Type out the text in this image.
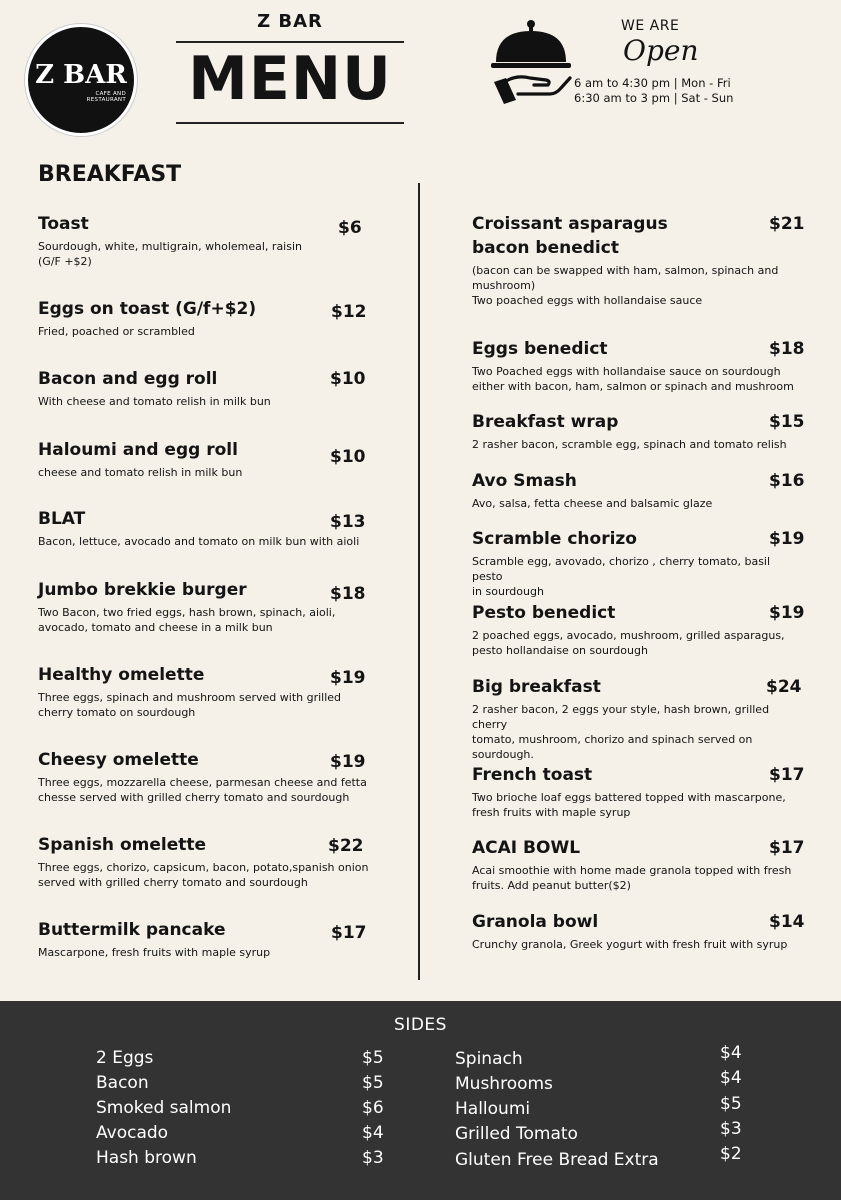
Z BAR
CAFE AND RESTAURANT
Z BAR
MENU
WE ARE
Open
6 am to 4:30 pm | Mon - Fri
6:30 am to 3 pm | Sat - Sun
BREAKFAST
Toast
Sourdough, white, multigrain, wholemeal, raisin
(G/F +$2)
$6
Eggs on toast (G/f+$2)
Fried, poached or scrambled
$12
Bacon and egg roll
With cheese and tomato relish in milk bun
$10
Haloumi and egg roll
cheese and tomato relish in milk bun
$10
BLAT
Bacon, lettuce, avocado and tomato on milk bun with aioli
$13
Jumbo brekkie burger
Two Bacon, two fried eggs, hash brown, spinach, aioli,
avocado, tomato and cheese in a milk bun
$18
Healthy omelette
Three eggs, spinach and mushroom served with grilled
cherry tomato on sourdough
$19
Cheesy omelette
Three eggs, mozzarella cheese, parmesan cheese and fetta
chesse served with grilled cherry tomato and sourdough
$19
Spanish omelette
Three eggs, chorizo, capsicum, bacon, potato,spanish onion
served with grilled cherry tomato and sourdough
$22
Buttermilk pancake
Mascarpone, fresh fruits with maple syrup
$17
Croissant asparagus bacon benedict
(bacon can be swapped with ham, salmon, spinach and
mushroom)
Two poached eggs with hollandaise sauce
$21
Eggs benedict
Two Poached eggs with hollandaise sauce on sourdough
either with bacon, ham, salmon or spinach and mushroom
$18
Breakfast wrap
2 rasher bacon, scramble egg, spinach and tomato relish
$15
Avo Smash
Avo, salsa, fetta cheese and balsamic glaze
$16
Scramble chorizo
Scramble egg, avovado, chorizo , cherry tomato, basil pesto
in sourdough
$19
Pesto benedict
2 poached eggs, avocado, mushroom, grilled asparagus,
pesto hollandaise on sourdough
$19
Big breakfast
2 rasher bacon, 2 eggs your style, hash brown, grilled cherry
tomato, mushroom, chorizo and spinach served on
sourdough.
$24
French toast
Two brioche loaf eggs battered topped with mascarpone,
fresh fruits with maple syrup
$17
ACAI BOWL
Acai smoothie with home made granola topped with fresh
fruits. Add peanut butter($2)
$17
Granola bowl
Crunchy granola, Greek yogurt with fresh fruit with syrup
$14
SIDES
2 Eggs	$5
Bacon	$5
Smoked salmon	$6
Avocado	$4
Hash brown	$3
Spinach	$4
Mushrooms	$4
Halloumi	$5
Grilled Tomato	$3
Gluten Free Bread Extra	$2
